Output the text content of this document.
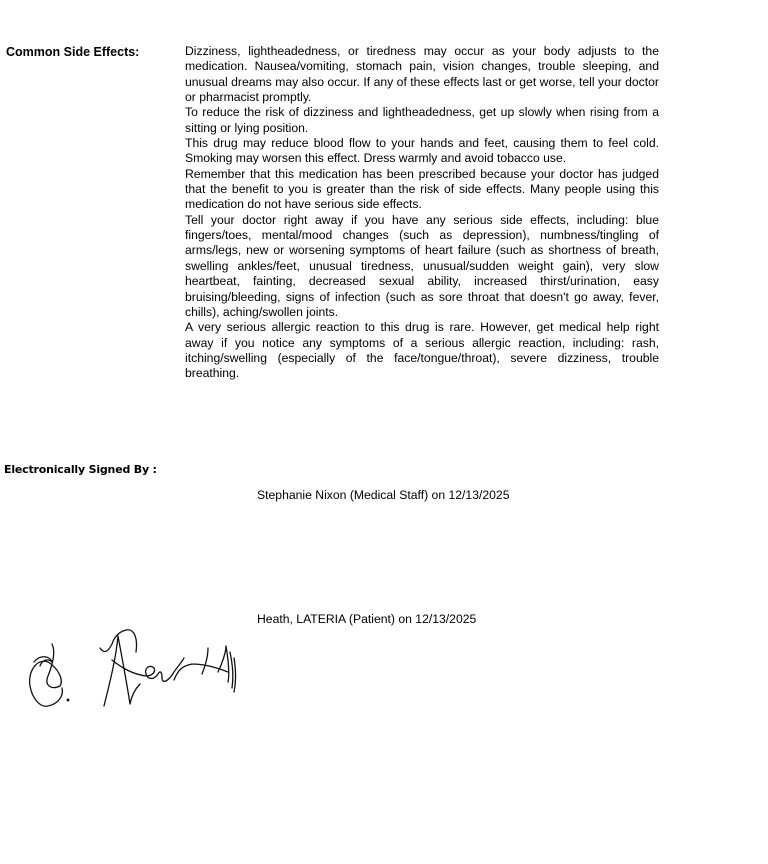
Common Side Effects:	Dizziness, lightheadedness, or tiredness may occur as your body adjusts to the medication. Nausea/vomiting, stomach pain, vision changes, trouble sleeping, and unusual dreams may also occur. If any of these effects last or get worse, tell your doctor or pharmacist promptly.

To reduce the risk of dizziness and lightheadedness, get up slowly when rising from a sitting or lying position.

This drug may reduce blood flow to your hands and feet, causing them to feel cold. Smoking may worsen this effect. Dress warmly and avoid tobacco use.

Remember that this medication has been prescribed because your doctor has judged that the benefit to you is greater than the risk of side effects. Many people using this medication do not have serious side effects.

Tell your doctor right away if you have any serious side effects, including: blue fingers/toes, mental/mood changes (such as depression), numbness/tingling of arms/legs, new or worsening symptoms of heart failure (such as shortness of breath, swelling ankles/feet, unusual tiredness, unusual/sudden weight gain), very slow heartbeat, fainting, decreased sexual ability, increased thirst/urination, easy bruising/bleeding, signs of infection (such as sore throat that doesn't go away, fever, chills), aching/swollen joints.

A very serious allergic reaction to this drug is rare. However, get medical help right away if you notice any symptoms of a serious allergic reaction, including: rash, itching/swelling (especially of the face/tongue/throat), severe dizziness, trouble breathing.

Electronically Signed By :
Stephanie Nixon (Medical Staff) on 12/13/2025
Heath, LATERIA (Patient) on 12/13/2025
